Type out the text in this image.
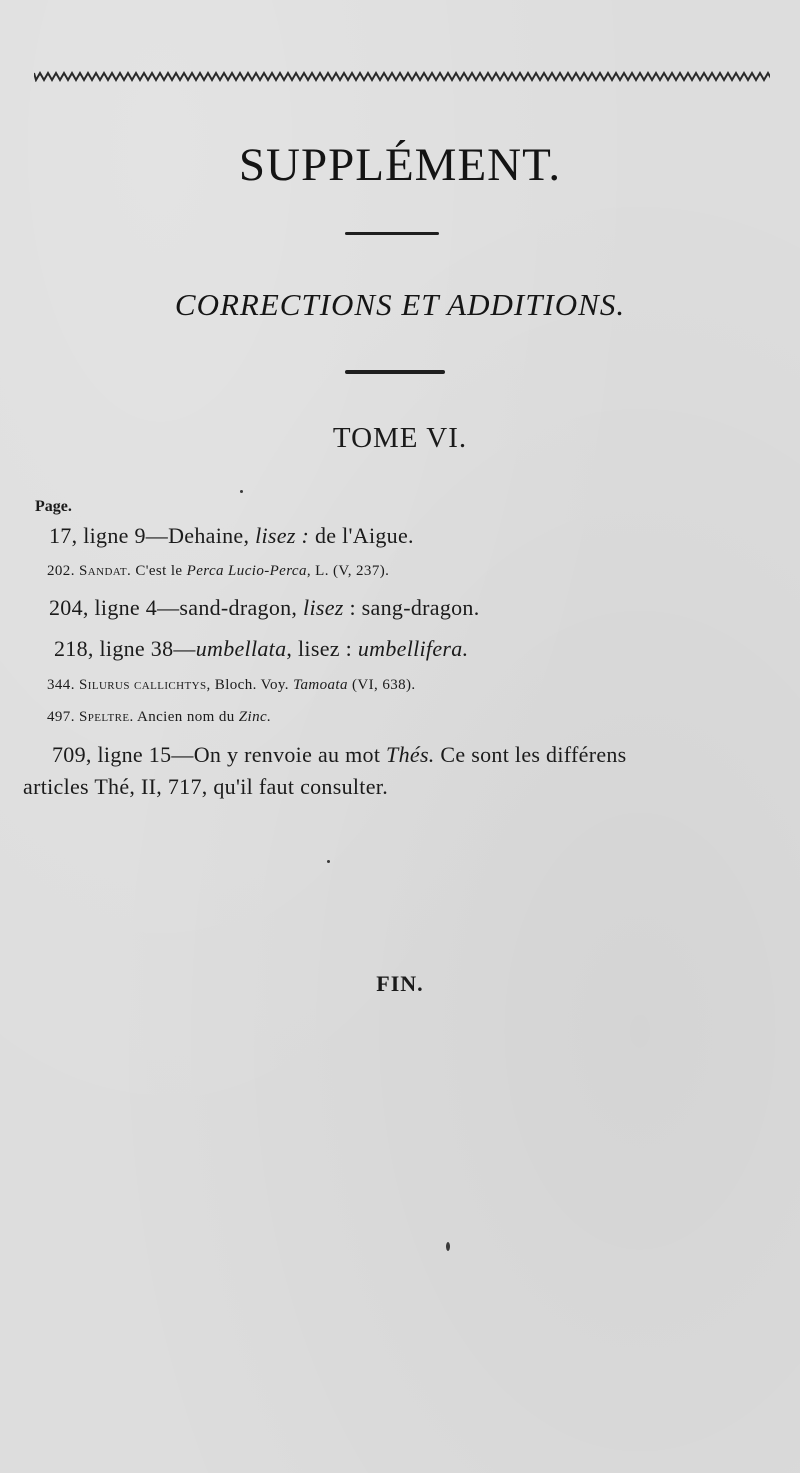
SUPPLÉMENT.
CORRECTIONS ET ADDITIONS.
TOME VI.
Page.
17, ligne 9—Dehaine, lisez : de l'Aigue.
202. Sandat. C'est le Perca Lucio-Perca, L. (V, 237).
204, ligne 4—sand-dragon, lisez : sang-dragon.
218, ligne 38—umbellata, lisez : umbellifera.
344. Silurus callichtys, Bloch. Voy. Tamoata (VI, 638).
497. Speltre. Ancien nom du Zinc.
709, ligne 15—On y renvoie au mot Thés. Ce sont les différens
articles Thé, II, 717, qu'il faut consulter.
FIN.
